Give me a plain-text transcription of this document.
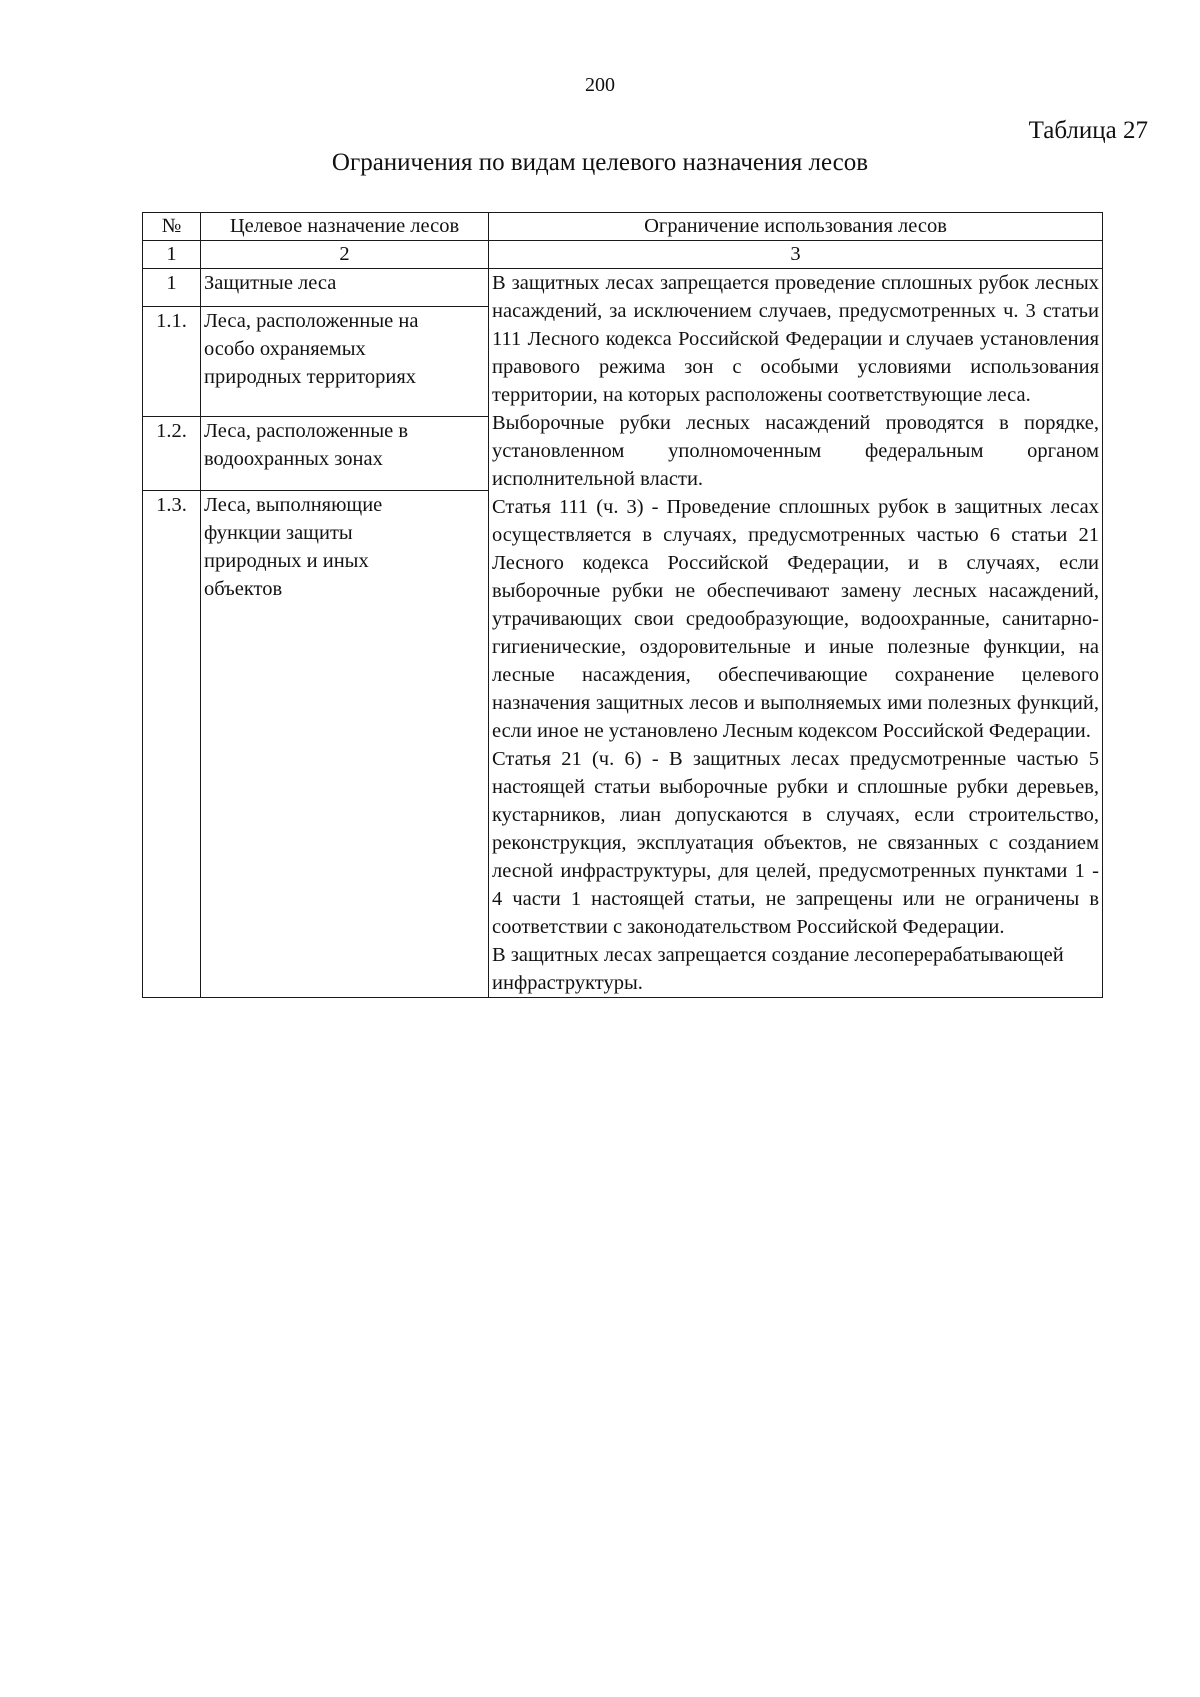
200
Таблица 27
Ограничения по видам целевого назначения лесов
№	Целевое назначение лесов	Ограничение использования лесов
1	2	3
1	Защитные леса	В защитных лесах запрещается проведение сплошных рубок лесных насаждений, за исключением случаев, предусмотренных ч. 3 статьи 111 Лесного кодекса Российской Федерации и случаев установления правового режима зон с особыми условиями использования территории, на которых расположены соответствующие леса.

Выборочные рубки лесных насаждений проводятся в порядке, установленном уполномоченным федеральным органом исполнительной власти.

Статья 111 (ч. 3) - Проведение сплошных рубок в защитных лесах осуществляется в случаях, предусмотренных частью 6 статьи 21 Лесного кодекса Российской Федерации, и в случаях, если выборочные рубки не обеспечивают замену лесных насаждений, утрачивающих свои средообразующие, водоохранные, санитарно-гигиенические, оздоровительные и иные полезные функции, на лесные насаждения, обеспечивающие сохранение целевого назначения защитных лесов и выполняемых ими полезных функций, если иное не установлено Лесным кодексом Российской Федерации.

Статья 21 (ч. 6) - В защитных лесах предусмотренные частью 5 настоящей статьи выборочные рубки и сплошные рубки деревьев, кустарников, лиан допускаются в случаях, если строительство, реконструкция, эксплуатация объектов, не связанных с созданием лесной инфраструктуры, для целей, предусмотренных пунктами 1 - 4 части 1 настоящей статьи, не запрещены или не ограничены в соответствии с законодательством Российской Федерации.

В защитных лесах запрещается создание лесоперерабатывающей инфраструктуры.

1.1.	Леса, расположенные на
особо охраняемых
природных территориях	

1.2.	Леса, расположенные в
водоохранных зонах	

1.3.	Леса, выполняющие
функции защиты
природных и иных
объектов	
